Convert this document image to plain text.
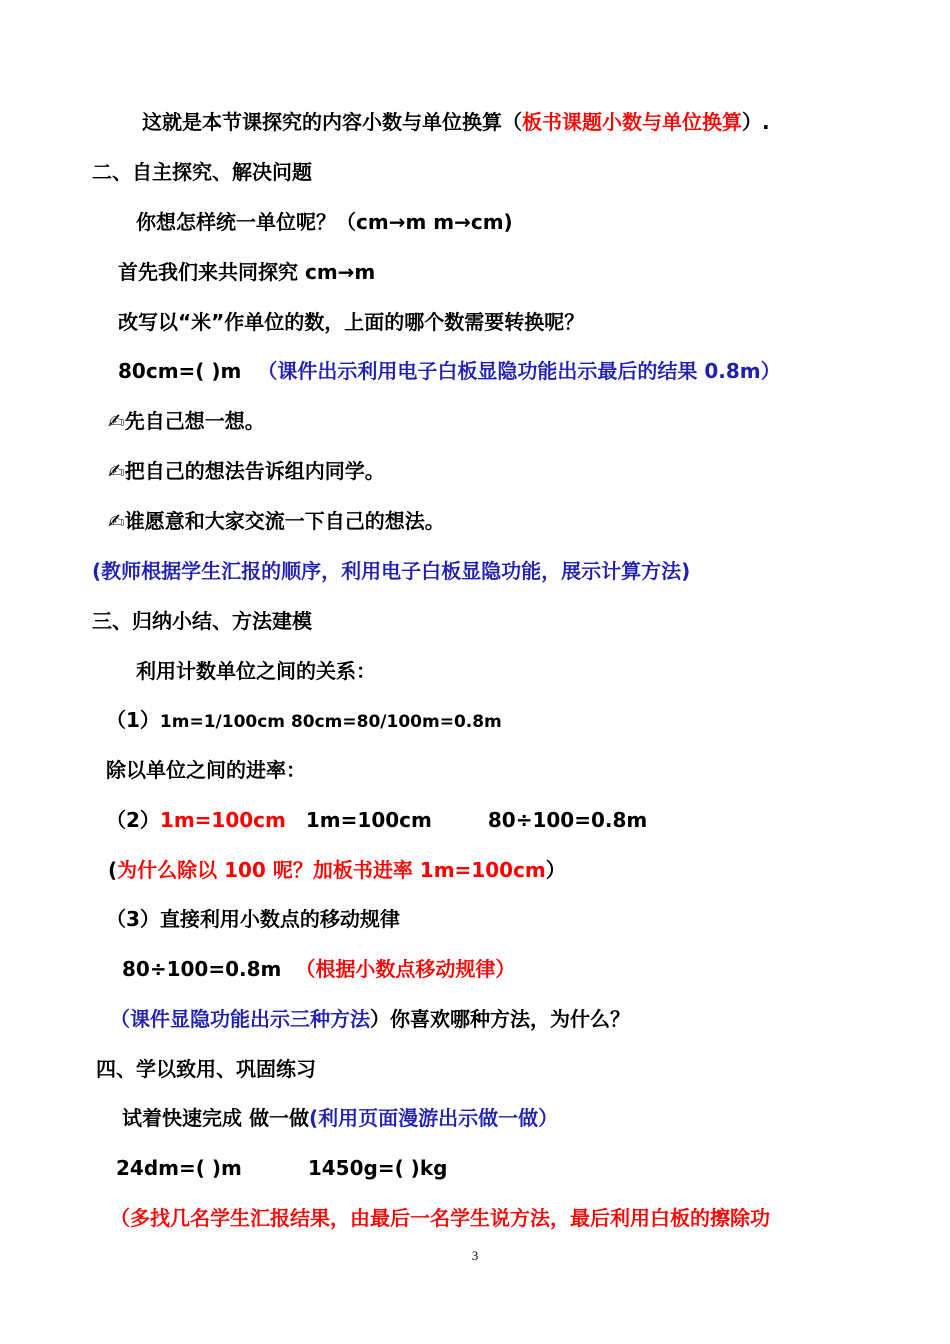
这就是本节课探究的内容小数与单位换算（板书课题小数与单位换算）.
二、自主探究、解决问题
你想怎样统一单位呢？（cm→m m→cm)
首先我们来共同探究 cm→m
改写以“米”作单位的数，上面的哪个数需要转换呢？
80cm=( )m （课件出示利用电子白板显隐功能出示最后的结果 0.8m）
✍先自己想一想。
✍把自己的想法告诉组内同学。
✍谁愿意和大家交流一下自己的想法。
(教师根据学生汇报的顺序，利用电子白板显隐功能，展示计算方法)
三、归纳小结、方法建模
利用计数单位之间的关系：
（1）1m=1/100cm 80cm=80/100m=0.8m
除以单位之间的进率：
（2）1m=100cm 1m=100cm	80÷100=0.8m
(为什么除以 100 呢？加板书进率 1m=100cm）
（3）直接利用小数点的移动规律
80÷100=0.8m （根据小数点移动规律）
（课件显隐功能出示三种方法）你喜欢哪种方法，为什么？
四、学以致用、巩固练习
试着快速完成 做一做(利用页面漫游出示做一做）
24dm=( )m	1450g=( )kg
（多找几名学生汇报结果，由最后一名学生说方法，最后利用白板的擦除功
3
